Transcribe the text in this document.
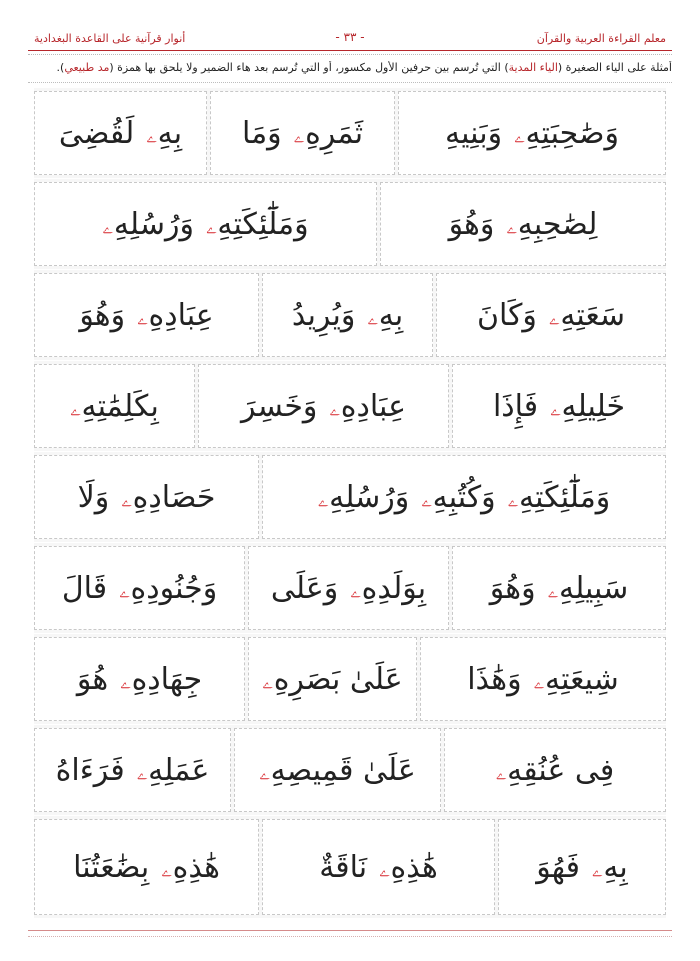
معلم القراءة العربية والقرآن
- ٣٣ -
أنوار قرآنية على القاعدة البغدادية
أمثلة على الياء الصغيرة (الياء المدية) التي تُرسم بين حرفين الأول مكسور، أو التي تُرسم بعد هاء الضمير ولا يلحق بها همزة (مد طبيعي).
وَصَٰحِبَتِهِۦ
وَبَنِيهِ
ثَمَرِهِۦ
وَمَا
بِهِۦ
لَقُضِىَ
لِصَٰحِبِهِۦ
وَهُوَ
وَمَلَٰٓئِكَتِهِۦ
وَرُسُلِهِۦ
سَعَتِهِۦ
وَكَانَ
بِهِۦ
وَيُرِيدُ
عِبَادِهِۦ
وَهُوَ
خَلِيلِهِۦ
فَإِذَا
عِبَادِهِۦ
وَخَسِرَ
بِكَلِمَٰتِهِۦ
وَمَلَٰٓئِكَتِهِۦ
وَكُتُبِهِۦ
وَرُسُلِهِۦ
حَصَادِهِۦ
وَلَا
سَبِيلِهِۦ
وَهُوَ
بِوَلَدِهِۦ
وَعَلَى
وَجُنُودِهِۦ
قَالَ
شِيعَتِهِۦ
وَهَٰذَا
عَلَىٰ بَصَرِهِۦ
جِهَادِهِۦ
هُوَ
فِى عُنُقِهِۦ
عَلَىٰ قَمِيصِهِۦ
عَمَلِهِۦ
فَرَءَاهُ
بِهِۦ
فَهُوَ
هَٰذِهِۦ
نَاقَةٌ
هَٰذِهِۦ
بِضَٰعَتُنَا
